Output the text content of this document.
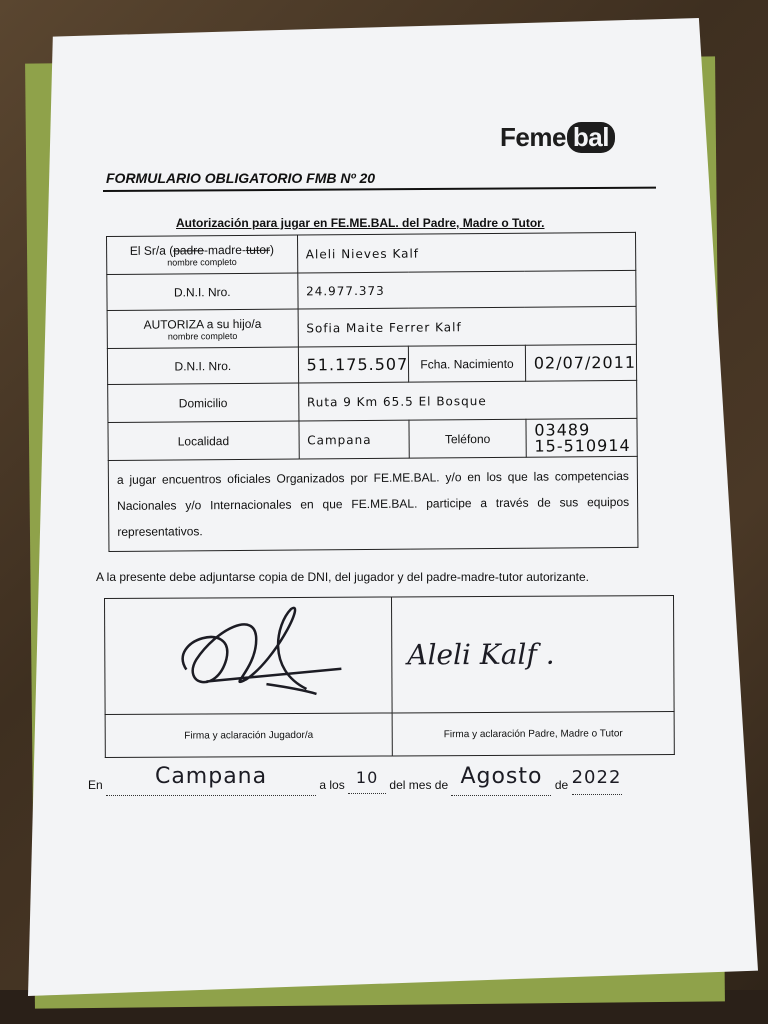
Feme bal
FORMULARIO OBLIGATORIO FMB Nº 20
Autorización para jugar en FE.ME.BAL. del Padre, Madre o Tutor.
El Sr/a (padre-madre-tutor)
nombre completo	Aleli Nieves Kalf		
D.N.I. Nro.	24.977.373		

AUTORIZA a su hijo/a
nombre completo	Sofia Maite Ferrer Kalf		
D.N.I. Nro.	51.175.507	Fcha. Nacimiento	02/07/2011
Domicilio	Ruta 9 Km 65.5 El Bosque		
Localidad	Campana	Teléfono	03489
15-510914

a jugar encuentros oficiales Organizados por FE.ME.BAL. y/o en los que las competencias Nacionales y/o Internacionales en que FE.ME.BAL. participe a través de sus equipos representativos.			
A la presente debe adjuntarse copia de DNI, del jugador y del padre-madre-tutor autorizante.
	Aleli Kalf .
Firma y aclaración Jugador/a	Firma y aclaración Padre, Madre o Tutor
En Campana	a los 10 del mes de Agosto de 2022
